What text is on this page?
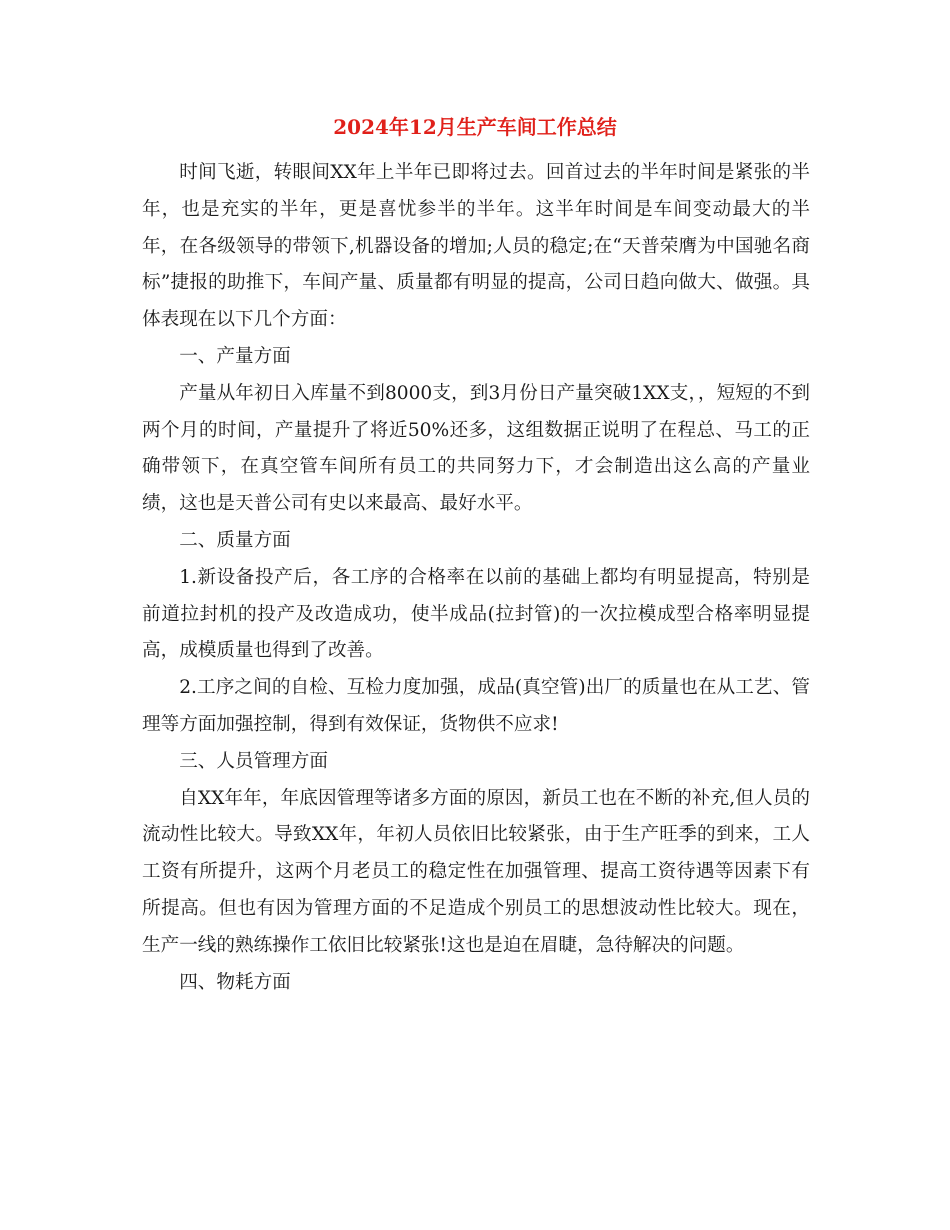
2024年12月生产车间工作总结

时间飞逝，转眼间XX年上半年已即将过去。回首过去的半年时间是紧张的半年，也是充实的半年，更是喜忧参半的半年。这半年时间是车间变动最大的半年，在各级领导的带领下,机器设备的增加;人员的稳定;在“天普荣膺为中国驰名商标”捷报的助推下，车间产量、质量都有明显的提高，公司日趋向做大、做强。具体表现在以下几个方面：

一、产量方面

产量从年初日入库量不到8000支，到3月份日产量突破1XX支，，短短的不到两个月的时间，产量提升了将近50%还多，这组数据正说明了在程总、马工的正确带领下，在真空管车间所有员工的共同努力下，才会制造出这么高的产量业绩，这也是天普公司有史以来最高、最好水平。

二、质量方面

1.新设备投产后，各工序的合格率在以前的基础上都均有明显提高，特别是前道拉封机的投产及改造成功，使半成品(拉封管)的一次拉模成型合格率明显提高，成模质量也得到了改善。

2.工序之间的自检、互检力度加强，成品(真空管)出厂的质量也在从工艺、管理等方面加强控制，得到有效保证，货物供不应求!

三、人员管理方面

自XX年年，年底因管理等诸多方面的原因，新员工也在不断的补充,但人员的流动性比较大。导致XX年，年初人员依旧比较紧张，由于生产旺季的到来，工人工资有所提升，这两个月老员工的稳定性在加强管理、提高工资待遇等因素下有所提高。但也有因为管理方面的不足造成个别员工的思想波动性比较大。现在，生产一线的熟练操作工依旧比较紧张!这也是迫在眉睫，急待解决的问题。

四、物耗方面
